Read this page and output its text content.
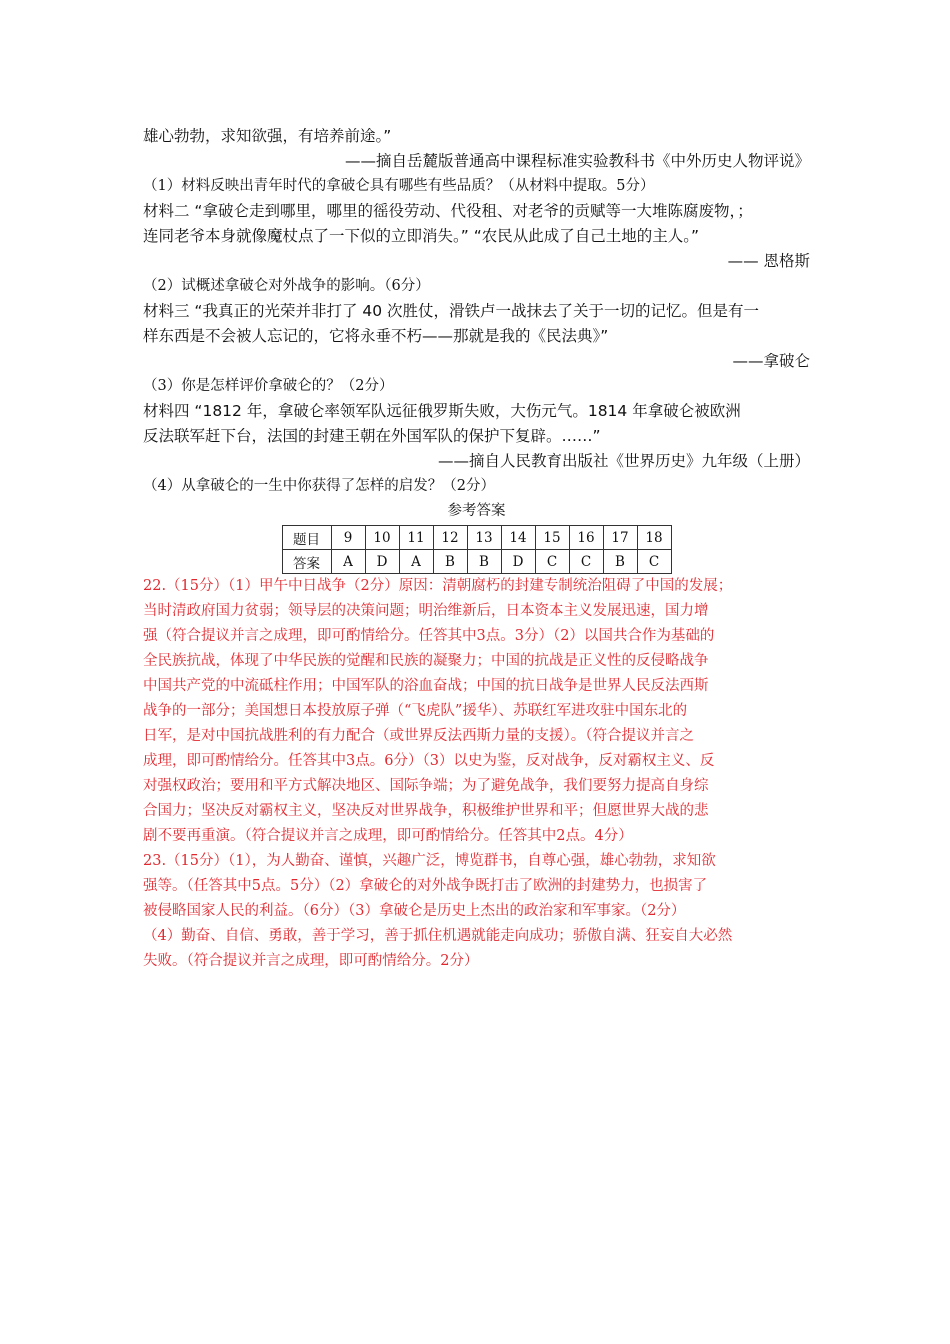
雄心勃勃，求知欲强，有培养前途。”
——摘自岳麓版普通高中课程标准实验教科书《中外历史人物评说》
（1）材料反映出青年时代的拿破仑具有哪些有些品质？（从材料中提取。5分）
材料二 “拿破仑走到哪里，哪里的徭役劳动、代役租、对老爷的贡赋等一大堆陈腐废物，；
连同老爷本身就像魔杖点了一下似的立即消失。” “农民从此成了自己土地的主人。”
—— 恩格斯
（2）试概述拿破仑对外战争的影响。（6分）
材料三 “我真正的光荣并非打了 40 次胜仗，滑铁卢一战抹去了关于一切的记忆。但是有一
样东西是不会被人忘记的，它将永垂不朽——那就是我的《民法典》”
——拿破仑
（3）你是怎样评价拿破仑的？（2分）
材料四 “1812 年，拿破仑率领军队远征俄罗斯失败，大伤元气。1814 年拿破仑被欧洲
反法联军赶下台，法国的封建王朝在外国军队的保护下复辟。……”
——摘自人民教育出版社《世界历史》九年级（上册）
（4）从拿破仑的一生中你获得了怎样的启发？（2分）
参考答案
题目	9	10	11	12	13	14	15	16	17	18
答案	A	D	A	B	B	D	C	C	B	C
22.（15分）（1）甲午中日战争（2分）原因：清朝腐朽的封建专制统治阻碍了中国的发展；
当时清政府国力贫弱；领导层的决策问题；明治维新后，日本资本主义发展迅速，国力增
强（符合提议并言之成理，即可酌情给分。任答其中3点。3分）（2）以国共合作为基础的
全民族抗战，体现了中华民族的觉醒和民族的凝聚力；中国的抗战是正义性的反侵略战争
中国共产党的中流砥柱作用；中国军队的浴血奋战；中国的抗日战争是世界人民反法西斯
战争的一部分；美国想日本投放原子弹（“飞虎队”援华）、苏联红军进攻驻中国东北的
日军，是对中国抗战胜利的有力配合（或世界反法西斯力量的支援）。（符合提议并言之
成理，即可酌情给分。任答其中3点。6分）（3）以史为鉴，反对战争，反对霸权主义、反
对强权政治；要用和平方式解决地区、国际争端；为了避免战争，我们要努力提高自身综
合国力；坚决反对霸权主义，坚决反对世界战争，积极维护世界和平；但愿世界大战的悲
剧不要再重演。（符合提议并言之成理，即可酌情给分。任答其中2点。4分）
23.（15分）（1），为人勤奋、谨慎，兴趣广泛，博览群书，自尊心强，雄心勃勃，求知欲
强等。（任答其中5点。5分）（2）拿破仑的对外战争既打击了欧洲的封建势力，也损害了
被侵略国家人民的利益。（6分）（3）拿破仑是历史上杰出的政治家和军事家。（2分）
（4）勤奋、自信、勇敢，善于学习，善于抓住机遇就能走向成功；骄傲自满、狂妄自大必然
失败。（符合提议并言之成理，即可酌情给分。2分）
